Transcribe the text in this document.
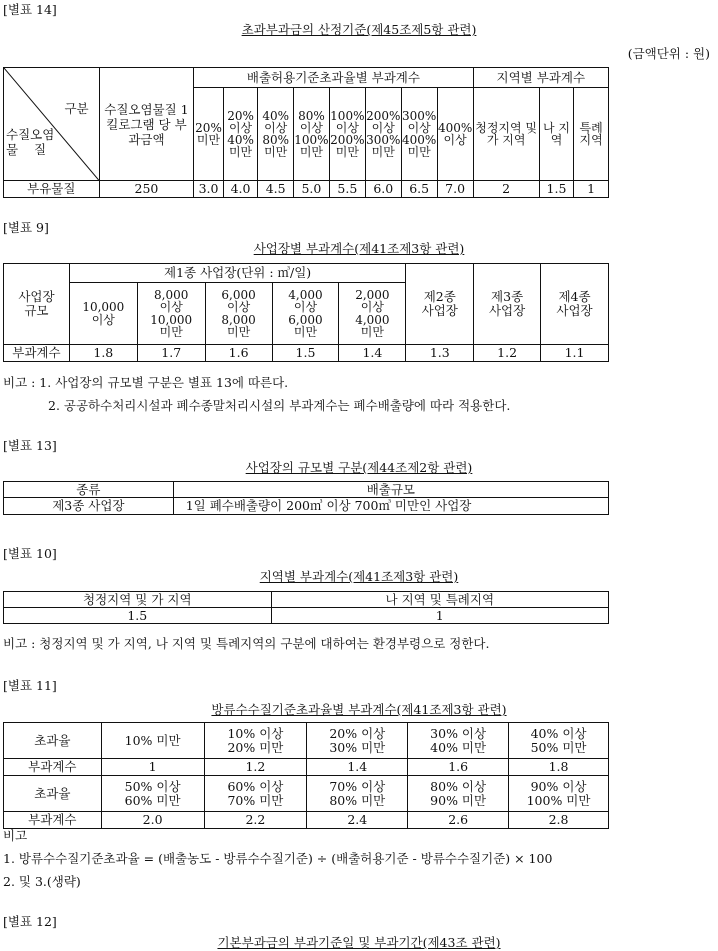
[별표 14]
초과부과금의 산정기준(제45조제5항 관련)
(금액단위 : 원)
구분
수질오염
물    질	수질오염물질 1킬로그램 당 부과금액	배출허용기준초과율별 부과계수								지역별 부과계수		
		20% 미만	20% 이상 40% 미만	40% 이상 80% 미만	80% 이상 100% 미만	100% 이상 200% 미만	200% 이상 300% 미만	300% 이상 400% 미만	400% 이상	청정지역 및 가 지역	나 지역	특례 지역
부유물질	250	3.0	4.0	4.5	5.0	5.5	6.0	6.5	7.0	2	1.5	1
[별표 9]
사업장별 부과계수(제41조제3항 관련)
사업장 규모	제1종 사업장(단위 : ㎥/일)					제2종 사업장	제3종 사업장	제4종 사업장

	10,000 이상	8,000 이상 10,000 미만	6,000 이상 8,000 미만	4,000 이상 6,000 미만	2,000 이상 4,000 미만			

부과계수	1.8	1.7	1.6	1.5	1.4	1.3	1.2	1.1
비고 : 1. 사업장의 규모별 구분은 별표 13에 따른다.
2. 공공하수처리시설과 폐수종말처리시설의 부과계수는 폐수배출량에 따라 적용한다.
[별표 13]
사업장의 규모별 구분(제44조제2항 관련)
종류	배출규모
제3종 사업장	1일 폐수배출량이 200㎥ 이상 700㎥ 미만인 사업장
[별표 10]
지역별 부과계수(제41조제3항 관련)
청정지역 및 가 지역	나 지역 및 특례지역
1.5	1
비고 : 청정지역 및 가 지역, 나 지역 및 특례지역의 구분에 대하여는 환경부령으로 정한다.
[별표 11]
방류수수질기준초과율별 부과계수(제41조제3항 관련)
초과율	10% 미만	10% 이상 20% 미만	20% 이상 30% 미만	30% 이상 40% 미만	40% 이상 50% 미만

부과계수	1	1.2	1.4	1.6	1.8
초과율	50% 이상 60% 미만	60% 이상 70% 미만	70% 이상 80% 미만	80% 이상 90% 미만	90% 이상 100% 미만

부과계수	2.0	2.2	2.4	2.6	2.8
비고
1. 방류수수질기준초과율 = (배출농도 - 방류수수질기준) ÷ (배출허용기준 - 방류수수질기준) × 100
2. 및 3.(생략)
[별표 12]
기본부과금의 부과기준일 및 부과기간(제43조 관련)
